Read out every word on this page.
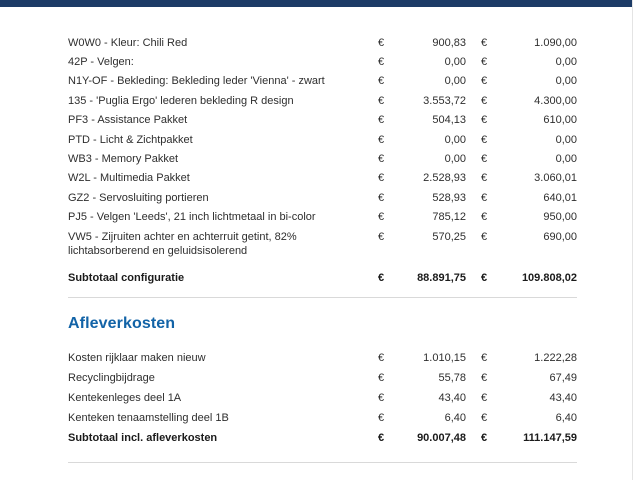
W0W0 - Kleur: Chili Red	€	900,83 €	1.090,00
42P - Velgen:	€	0,00 €	0,00
N1Y-OF - Bekleding: Bekleding leder 'Vienna' - zwart	€	0,00 €	0,00
135 - 'Puglia Ergo' lederen bekleding R design	€	3.553,72 €	4.300,00
PF3 - Assistance Pakket	€	504,13 €	610,00
PTD - Licht & Zichtpakket	€	0,00 €	0,00
WB3 - Memory Pakket	€	0,00 €	0,00
W2L - Multimedia Pakket	€	2.528,93 €	3.060,01
GZ2 - Servosluiting portieren	€	528,93 €	640,01
PJ5 - Velgen 'Leeds', 21 inch lichtmetaal in bi-color	€	785,12 €	950,00
VW5 - Zijruiten achter en achterruit getint, 82% lichtabsorberend en geluidsisolerend
€	570,25 €	690,00
Subtotaal configuratie	€	88.891,75 €	109.808,02
Afleverkosten
Kosten rijklaar maken nieuw	€	1.010,15 €	1.222,28
Recyclingbijdrage	€	55,78 €	67,49
Kentekenleges deel 1A	€	43,40 €	43,40
Kenteken tenaamstelling deel 1B	€	6,40 €	6,40
Subtotaal incl. afleverkosten	€	90.007,48 €	111.147,59
